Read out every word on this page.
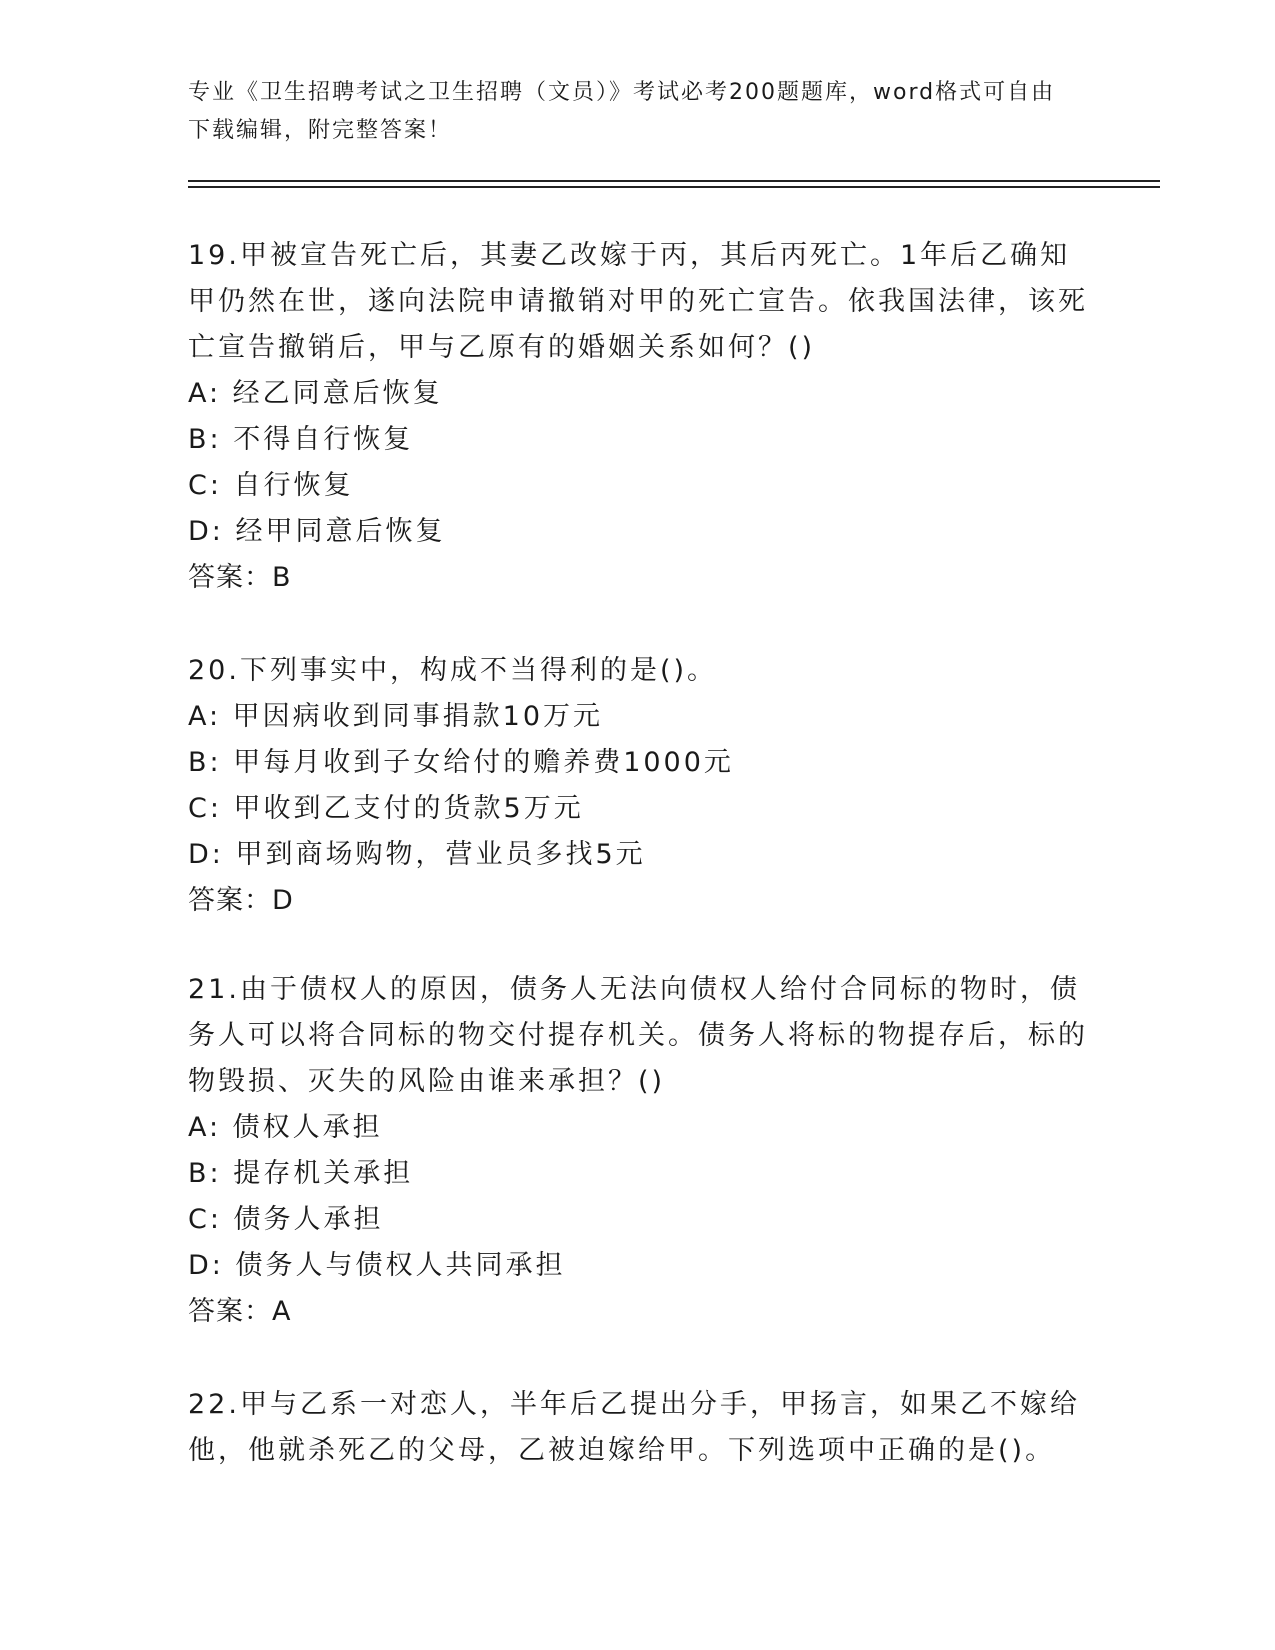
专业《卫生招聘考试之卫生招聘（文员）》考试必考200题题库，word格式可自由下载编辑，附完整答案！

19.甲被宣告死亡后，其妻乙改嫁于丙，其后丙死亡。1年后乙确知甲仍然在世，遂向法院申请撤销对甲的死亡宣告。依我国法律，该死亡宣告撤销后，甲与乙原有的婚姻关系如何？()

A: 经乙同意后恢复

B: 不得自行恢复

C: 自行恢复

D: 经甲同意后恢复

答案：B

20.下列事实中，构成不当得利的是()。

A: 甲因病收到同事捐款10万元

B: 甲每月收到子女给付的赡养费1000元

C: 甲收到乙支付的货款5万元

D: 甲到商场购物，营业员多找5元

答案：D

21.由于债权人的原因，债务人无法向债权人给付合同标的物时，债务人可以将合同标的物交付提存机关。债务人将标的物提存后，标的物毁损、灭失的风险由谁来承担？()

A: 债权人承担

B: 提存机关承担

C: 债务人承担

D: 债务人与债权人共同承担

答案：A

22.甲与乙系一对恋人，半年后乙提出分手，甲扬言，如果乙不嫁给他，他就杀死乙的父母，乙被迫嫁给甲。下列选项中正确的是()。
